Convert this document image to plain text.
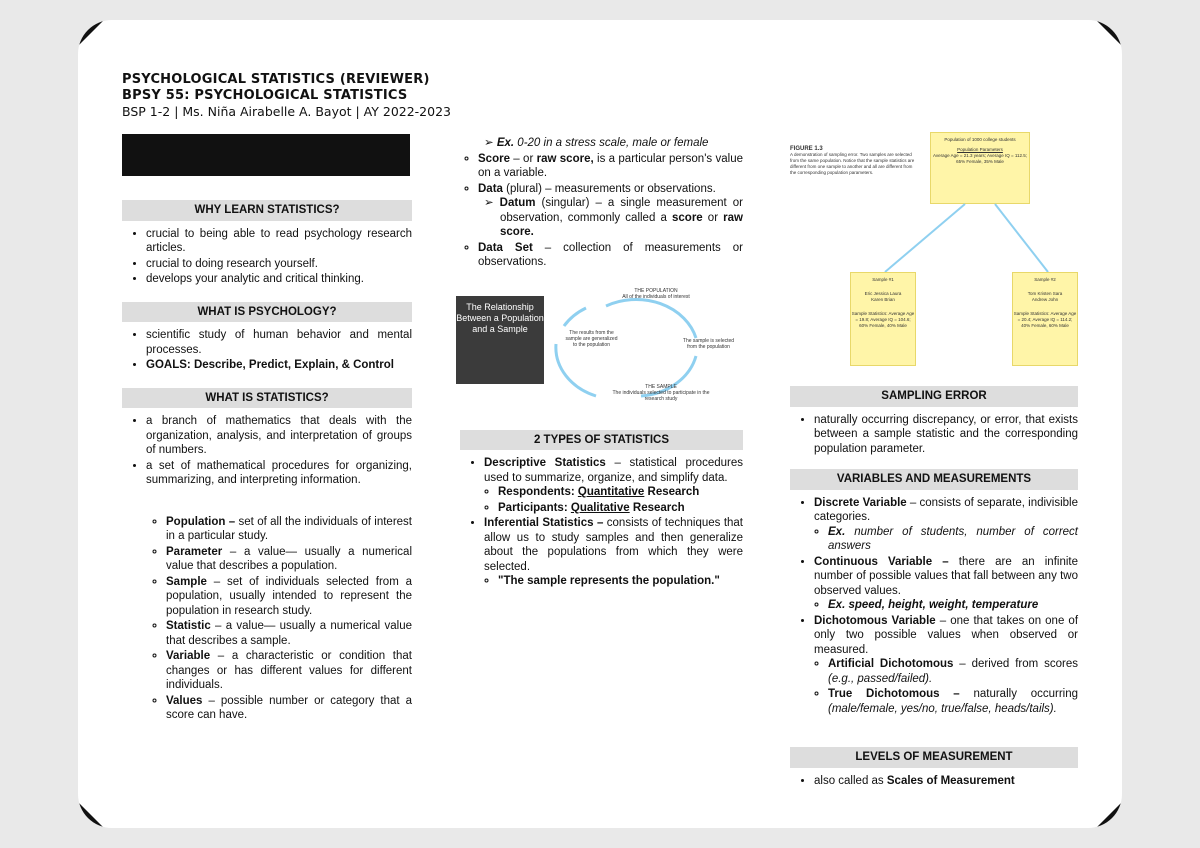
PSYCHOLOGICAL STATISTICS (REVIEWER)
BPSY 55: PSYCHOLOGICAL STATISTICS
BSP 1-2 | Ms. Niña Airabelle A. Bayot | AY 2022-2023
WHY LEARN STATISTICS?
• crucial to being able to read psychology research articles.
• crucial to doing research yourself.
• develops your analytic and critical thinking.
WHAT IS PSYCHOLOGY?
• scientific study of human behavior and mental processes.
• GOALS: Describe, Predict, Explain, & Control
WHAT IS STATISTICS?
• a branch of mathematics that deals with the organization, analysis, and interpretation of groups of numbers.
• a set of mathematical procedures for organizing, summarizing, and interpreting information.
◦ Population – set of all the individuals of interest in a particular study.
◦ Parameter – a value— usually a numerical value that describes a population.
◦ Sample – set of individuals selected from a population, usually intended to represent the population in research study.
◦ Statistic – a value— usually a numerical value that describes a sample.
◦ Variable – a characteristic or condition that changes or has different values for different individuals.
◦ Values – possible number or category that a score can have.
➢ Ex. 0-20 in a stress scale, male or female
◦ Score – or raw score, is a particular person's value on a variable.
◦ Data (plural) – measurements or observations.
➢ Datum (singular) – a single measurement or observation, commonly called a score or raw score.
◦ Data Set – collection of measurements or observations.
The Relationship Between a Population and a Sample
THE POPULATION
All of the individuals of interest
The sample is selected from the population
The results from the sample are generalized to the population
THE SAMPLE
The individuals selected to participate in the research study
2 TYPES OF STATISTICS
• Descriptive Statistics – statistical procedures used to summarize, organize, and simplify data.
◦ Respondents: Quantitative Research
◦ Participants: Qualitative Research
• Inferential Statistics – consists of techniques that allow us to study samples and then generalize about the populations from which they were selected.
◦ "The sample represents the population."
FIGURE 1.3
A demonstration of sampling error. Two samples are selected from the same population. Notice that the sample statistics are different from one sample to another and all are different from the corresponding population parameters.
Population of 1000 college students
Population Parameters
Average Age = 21.3 years; Average IQ = 112.5; 65% Female, 35% Male
Sample #1
Eric Jessica Laura Karen Brian
Sample Statistics: Average Age = 19.8; Average IQ = 104.6; 60% Female, 40% Male
Sample #2
Tom Kristen Sara Andrew John
Sample Statistics: Average Age = 20.4; Average IQ = 114.2; 40% Female, 60% Male
SAMPLING ERROR
• naturally occurring discrepancy, or error, that exists between a sample statistic and the corresponding population parameter.
VARIABLES AND MEASUREMENTS
• Discrete Variable – consists of separate, indivisible categories.
◦ Ex. number of students, number of correct answers
• Continuous Variable – there are an infinite number of possible values that fall between any two observed values.
◦ Ex. speed, height, weight, temperature
• Dichotomous Variable – one that takes on one of only two possible values when observed or measured.
◦ Artificial Dichotomous – derived from scores (e.g., passed/failed).
◦ True Dichotomous – naturally occurring (male/female, yes/no, true/false, heads/tails).
LEVELS OF MEASUREMENT
• also called as Scales of Measurement
